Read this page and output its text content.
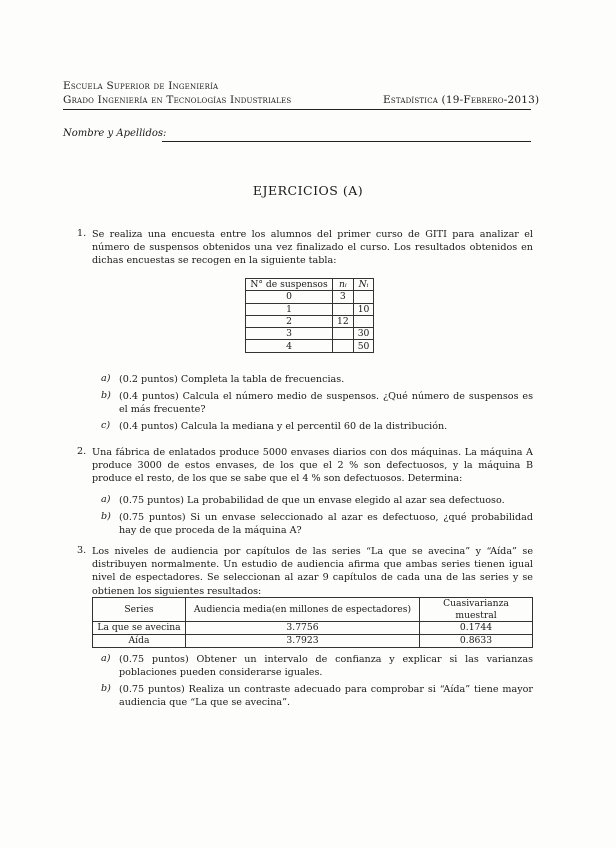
Escuela Superior de Ingeniería
Grado Ingeniería en Tecnologías Industriales	Estadística (19-Febrero-2013)
Nombre y Apellidos:
EJERCICIOS (A)
1. Se realiza una encuesta entre los alumnos del primer curso de GITI para analizar el número de suspensos obtenidos una vez finalizado el curso. Los resultados obtenidos en dichas encuestas se recogen en la siguiente tabla:
N° de suspensos	nᵢ	Nᵢ
0	3	
1		10
2	12	
3		30
4		50
a) (0.2 puntos) Completa la tabla de frecuencias.
b) (0.4 puntos) Calcula el número medio de suspensos. ¿Qué número de suspensos es el más frecuente?
c) (0.4 puntos) Calcula la mediana y el percentil 60 de la distribución.
2. Una fábrica de enlatados produce 5000 envases diarios con dos máquinas. La máquina A produce 3000 de estos envases, de los que el 2 % son defectuosos, y la máquina B produce el resto, de los que se sabe que el 4 % son defectuosos. Determina:
a) (0.75 puntos) La probabilidad de que un envase elegido al azar sea defectuoso.
b) (0.75 puntos) Si un envase seleccionado al azar es defectuoso, ¿qué probabilidad hay de que proceda de la máquina A?
3. Los niveles de audiencia por capítulos de las series “La que se avecina” y “Aída” se distribuyen normalmente. Un estudio de audiencia afirma que ambas series tienen igual nivel de espectadores. Se seleccionan al azar 9 capítulos de cada una de las series y se obtienen los siguientes resultados:
Series	Audiencia media(en millones de espectadores)	Cuasivarianza muestral
La que se avecina	3.7756	0.1744
Aída	3.7923	0.8633
a) (0.75 puntos) Obtener un intervalo de confianza y explicar si las varianzas poblaciones pueden considerarse iguales.
b) (0.75 puntos) Realiza un contraste adecuado para comprobar si “Aída” tiene mayor audiencia que “La que se avecina”.
